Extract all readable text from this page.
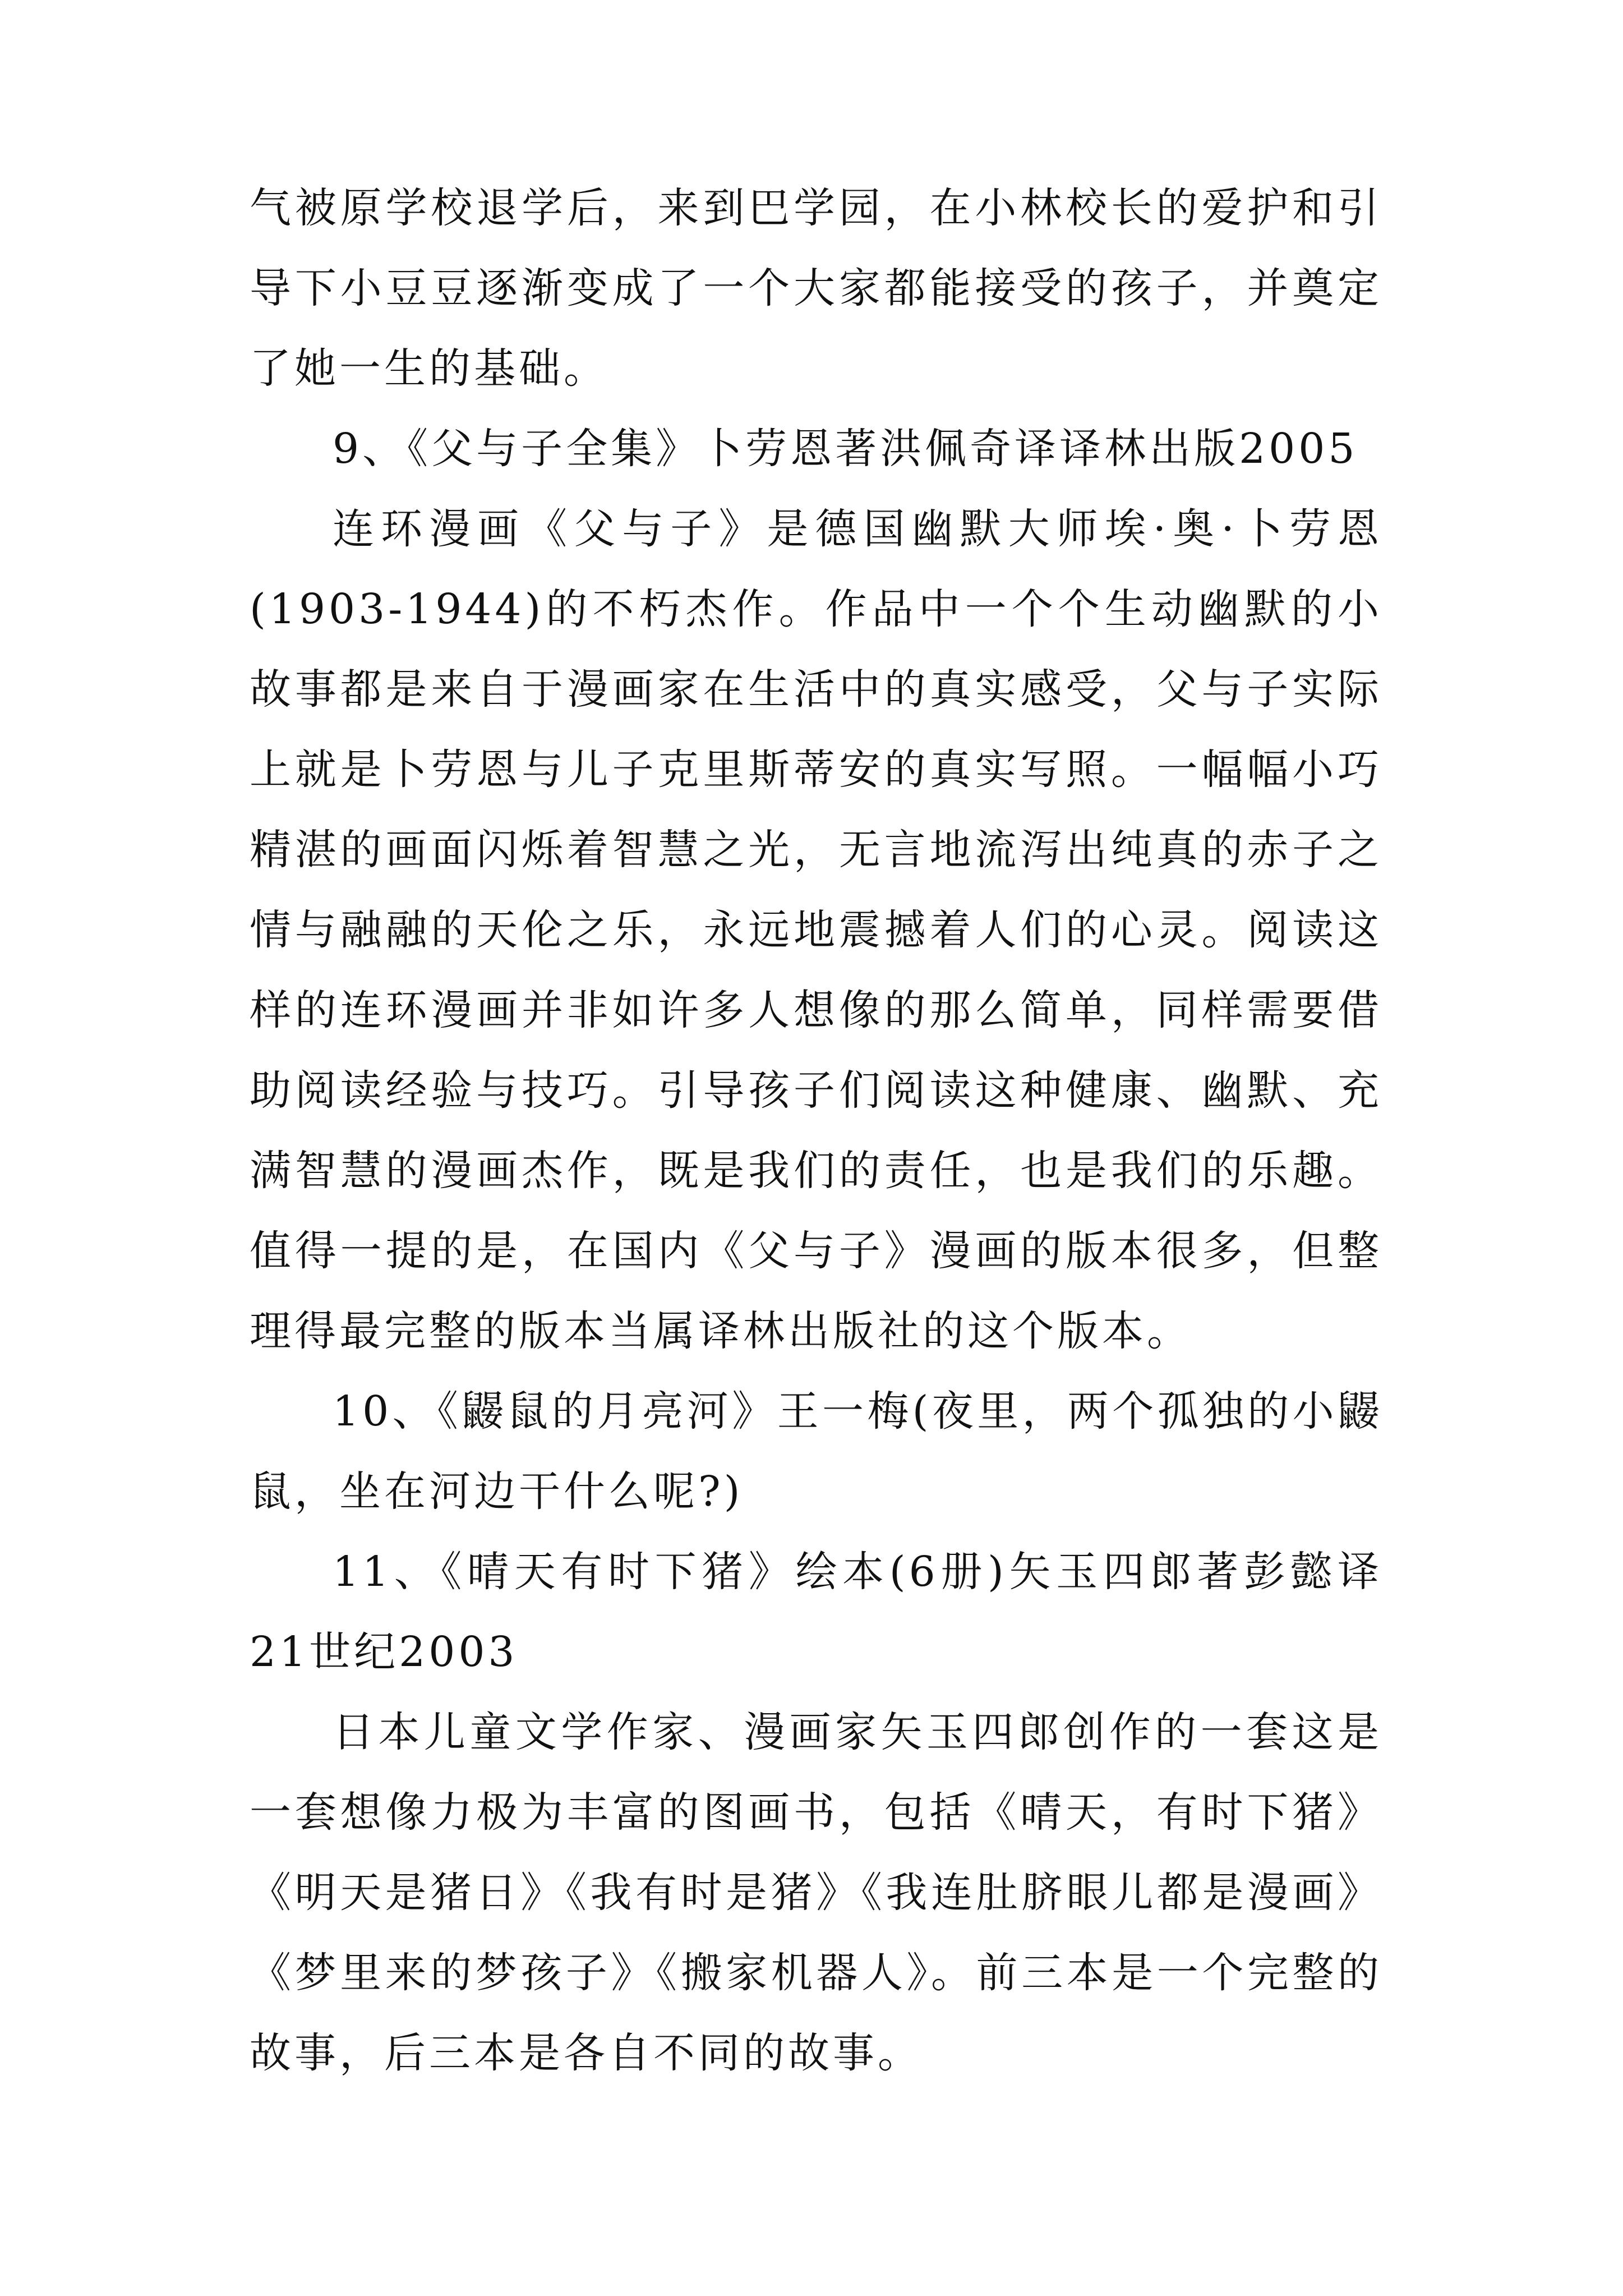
气被原学校退学后，来到巴学园，在小林校长的爱护和引导下小豆豆逐渐变成了一个大家都能接受的孩子，并奠定了她一生的基础。

9、《父与子全集》卜劳恩著洪佩奇译译林出版2005

连环漫画《父与子》是德国幽默大师埃·奥·卜劳恩(1903-1944)的不朽杰作。作品中一个个生动幽默的小故事都是来自于漫画家在生活中的真实感受，父与子实际上就是卜劳恩与儿子克里斯蒂安的真实写照。一幅幅小巧精湛的画面闪烁着智慧之光，无言地流泻出纯真的赤子之情与融融的天伦之乐，永远地震撼着人们的心灵。阅读这样的连环漫画并非如许多人想像的那么简单，同样需要借助阅读经验与技巧。引导孩子们阅读这种健康、幽默、充满智慧的漫画杰作，既是我们的责任，也是我们的乐趣。值得一提的是，在国内《父与子》漫画的版本很多，但整理得最完整的版本当属译林出版社的这个版本。

10、《鼹鼠的月亮河》王一梅(夜里，两个孤独的小鼹鼠，坐在河边干什么呢?)

11、《晴天有时下猪》绘本(6册)矢玉四郎著彭懿译21世纪2003

日本儿童文学作家、漫画家矢玉四郎创作的一套这是一套想像力极为丰富的图画书，包括《晴天，有时下猪》《明天是猪日》《我有时是猪》《我连肚脐眼儿都是漫画》《梦里来的梦孩子》《搬家机器人》。前三本是一个完整的故事，后三本是各自不同的故事。
